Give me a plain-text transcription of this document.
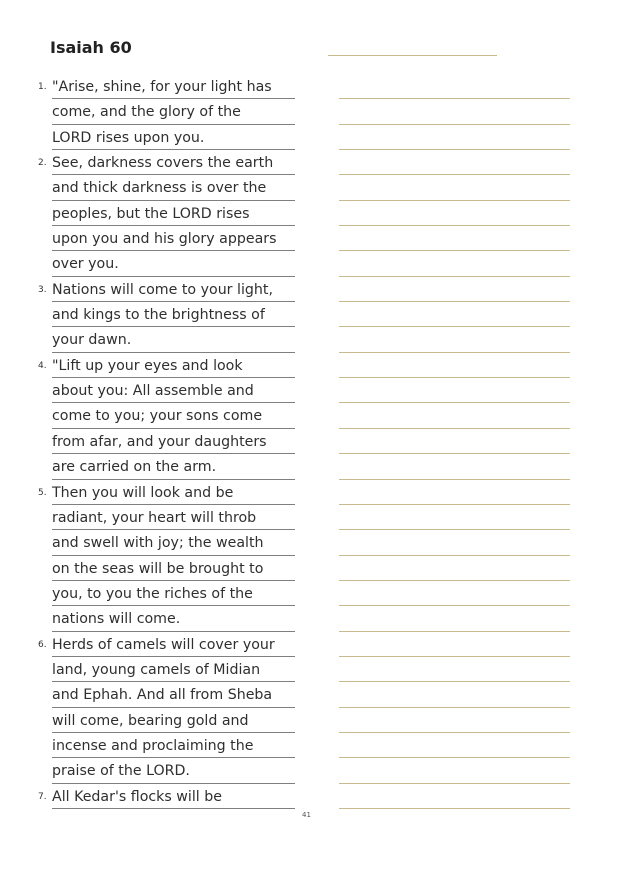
Isaiah 60
1. "Arise, shine, for your light has
come, and the glory of the
LORD rises upon you.
2. See, darkness covers the earth
and thick darkness is over the
peoples, but the LORD rises
upon you and his glory appears
over you.
3. Nations will come to your light,
and kings to the brightness of
your dawn.
4. "Lift up your eyes and look
about you: All assemble and
come to you; your sons come
from afar, and your daughters
are carried on the arm.
5. Then you will look and be
radiant, your heart will throb
and swell with joy; the wealth
on the seas will be brought to
you, to you the riches of the
nations will come.
6. Herds of camels will cover your
land, young camels of Midian
and Ephah. And all from Sheba
will come, bearing gold and
incense and proclaiming the
praise of the LORD.
7. All Kedar's flocks will be
41
